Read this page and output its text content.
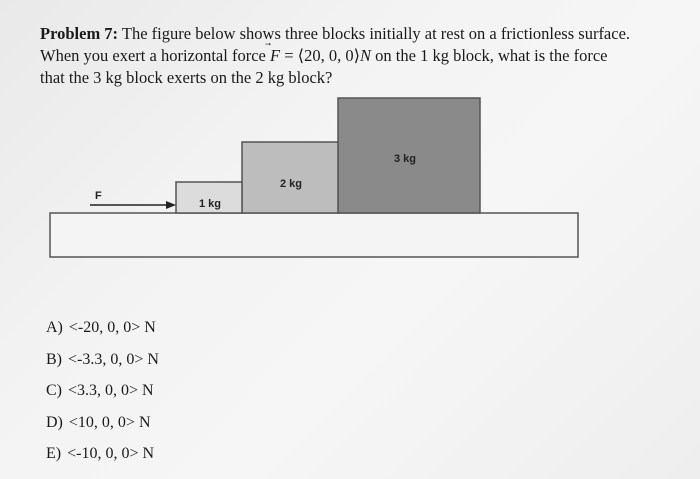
Problem 7: The figure below shows three blocks initially at rest on a frictionless surface.
When you exert a horizontal force
F = ⟨20, 0, 0⟩N on the 1 kg block, what is the force
that the 3 kg block exerts on the 2 kg block?
F
1 kg
2 kg
3 kg
A) <-20, 0, 0> N
B) <-3.3, 0, 0> N
C) <3.3, 0, 0> N
D) <10, 0, 0> N
E) <-10, 0, 0> N
